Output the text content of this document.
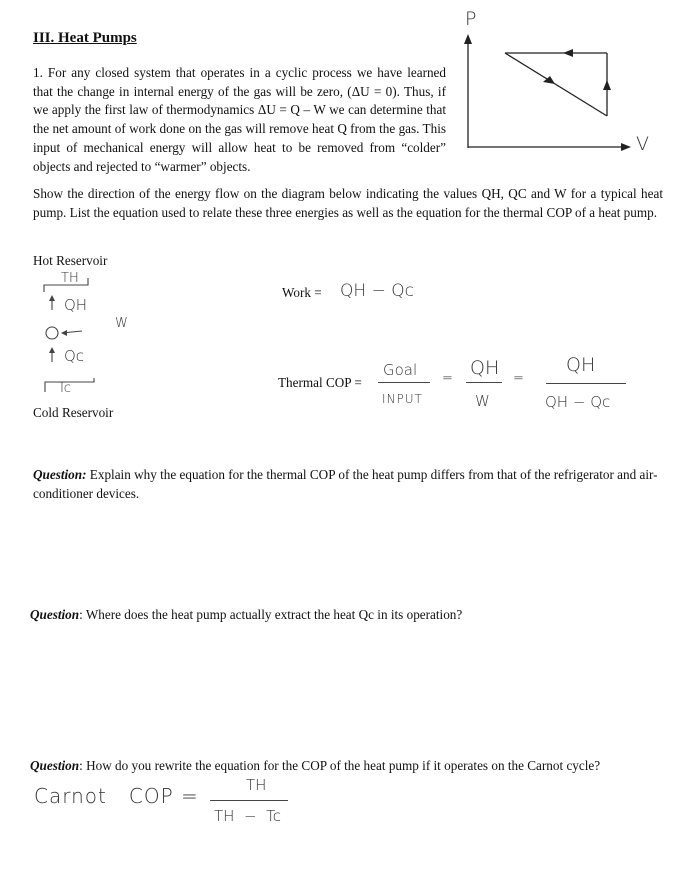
III. Heat Pumps
1. For any closed system that operates in a cyclic process we have learned that the change in internal energy of the gas will be zero, (ΔU = 0). Thus, if we apply the first law of thermodynamics ΔU = Q – W we can determine that the net amount of work done on the gas will remove heat Q from the gas. This input of mechanical energy will allow heat to be removed from “colder” objects and rejected to “warmer” objects.
P
V
Show the direction of the energy flow on the diagram below indicating the values QH, QC and W for a typical heat pump. List the equation used to relate these three energies as well as the equation for the thermal COP of a heat pump.
Hot Reservoir
TH
QH
W
Qc
Tc
Cold Reservoir
Work = QH − Qc
Thermal COP =
Goal
INPUT
= QH
W
=
QH
QH − Qc
Question: Explain why the equation for the thermal COP of the heat pump differs from that of the refrigerator and air-conditioner devices.
Question: Where does the heat pump actually extract the heat Qc in its operation?
Question: How do you rewrite the equation for the COP of the heat pump if it operates on the Carnot cycle?
Carnot   COP =	TH
TH  −  Tc
